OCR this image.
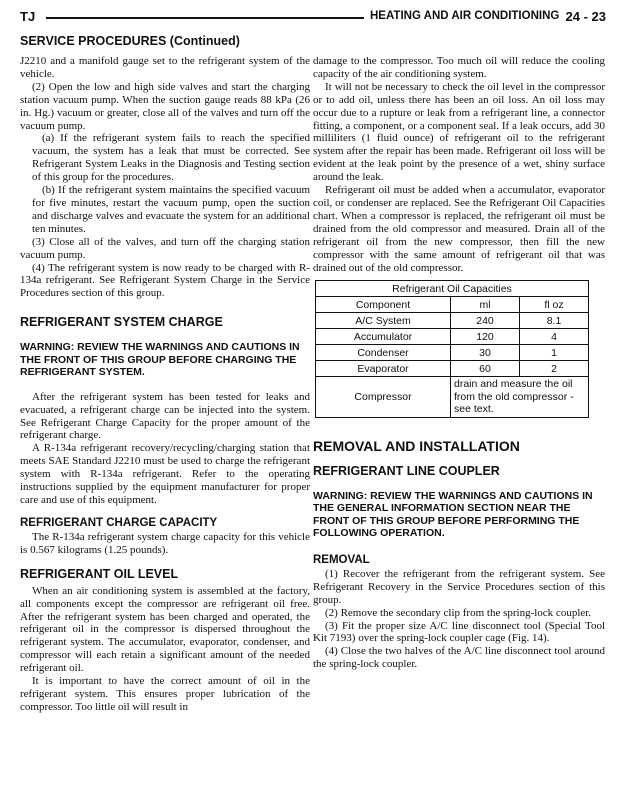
TJ	HEATING AND AIR CONDITIONING 24 - 23
SERVICE PROCEDURES (Continued)

J2210 and a manifold gauge set to the refrigerant system of the vehicle.

(2) Open the low and high side valves and start the charging station vacuum pump. When the suction gauge reads 88 kPa (26 in. Hg.) vacuum or greater, close all of the valves and turn off the vacuum pump.

(a) If the refrigerant system fails to reach the specified vacuum, the system has a leak that must be corrected. See Refrigerant System Leaks in the Diagnosis and Testing section of this group for the procedures.

(b) If the refrigerant system maintains the specified vacuum for five minutes, restart the vacuum pump, open the suction and discharge valves and evacuate the system for an additional ten minutes.

(3) Close all of the valves, and turn off the charging station vacuum pump.

(4) The refrigerant system is now ready to be charged with R-134a refrigerant. See Refrigerant System Charge in the Service Procedures section of this group.

REFRIGERANT SYSTEM CHARGE
WARNING: REVIEW THE WARNINGS AND CAUTIONS IN THE FRONT OF THIS GROUP BEFORE CHARGING THE REFRIGERANT SYSTEM.

After the refrigerant system has been tested for leaks and evacuated, a refrigerant charge can be injected into the system. See Refrigerant Charge Capacity for the proper amount of the refrigerant charge.

A R-134a refrigerant recovery/recycling/charging station that meets SAE Standard J2210 must be used to charge the refrigerant system with R-134a refrigerant. Refer to the operating instructions supplied by the equipment manufacturer for proper care and use of this equipment.

REFRIGERANT CHARGE CAPACITY

The R-134a refrigerant system charge capacity for this vehicle is 0.567 kilograms (1.25 pounds).

REFRIGERANT OIL LEVEL

When an air conditioning system is assembled at the factory, all components except the compressor are refrigerant oil free. After the refrigerant system has been charged and operated, the refrigerant oil in the compressor is dispersed throughout the refrigerant system. The accumulator, evaporator, condenser, and compressor will each retain a significant amount of the needed refrigerant oil.

It is important to have the correct amount of oil in the refrigerant system. This ensures proper lubrication of the compressor. Too little oil will result in

damage to the compressor. Too much oil will reduce the cooling capacity of the air conditioning system.

It will not be necessary to check the oil level in the compressor or to add oil, unless there has been an oil loss. An oil loss may occur due to a rupture or leak from a refrigerant line, a connector fitting, a component, or a component seal. If a leak occurs, add 30 milliliters (1 fluid ounce) of refrigerant oil to the refrigerant system after the repair has been made. Refrigerant oil loss will be evident at the leak point by the presence of a wet, shiny surface around the leak.

Refrigerant oil must be added when a accumulator, evaporator coil, or condenser are replaced. See the Refrigerant Oil Capacities chart. When a compressor is replaced, the refrigerant oil must be drained from the old compressor and measured. Drain all of the refrigerant oil from the new compressor, then fill the new compressor with the same amount of refrigerant oil that was drained out of the old compressor.

Refrigerant Oil Capacities		
Component	ml	fl oz
A/C System	240	8.1
Accumulator	120	4
Condenser	30	1
Evaporator	60	2
Compressor	drain and measure the oil from the old compressor - see text.	
REMOVAL AND INSTALLATION
REFRIGERANT LINE COUPLER
WARNING: REVIEW THE WARNINGS AND CAUTIONS IN THE GENERAL INFORMATION SECTION NEAR THE FRONT OF THIS GROUP BEFORE PERFORMING THE FOLLOWING OPERATION.
REMOVAL

(1) Recover the refrigerant from the refrigerant system. See Refrigerant Recovery in the Service Procedures section of this group.

(2) Remove the secondary clip from the spring-lock coupler.

(3) Fit the proper size A/C line disconnect tool (Special Tool Kit 7193) over the spring-lock coupler cage (Fig. 14).

(4) Close the two halves of the A/C line disconnect tool around the spring-lock coupler.
